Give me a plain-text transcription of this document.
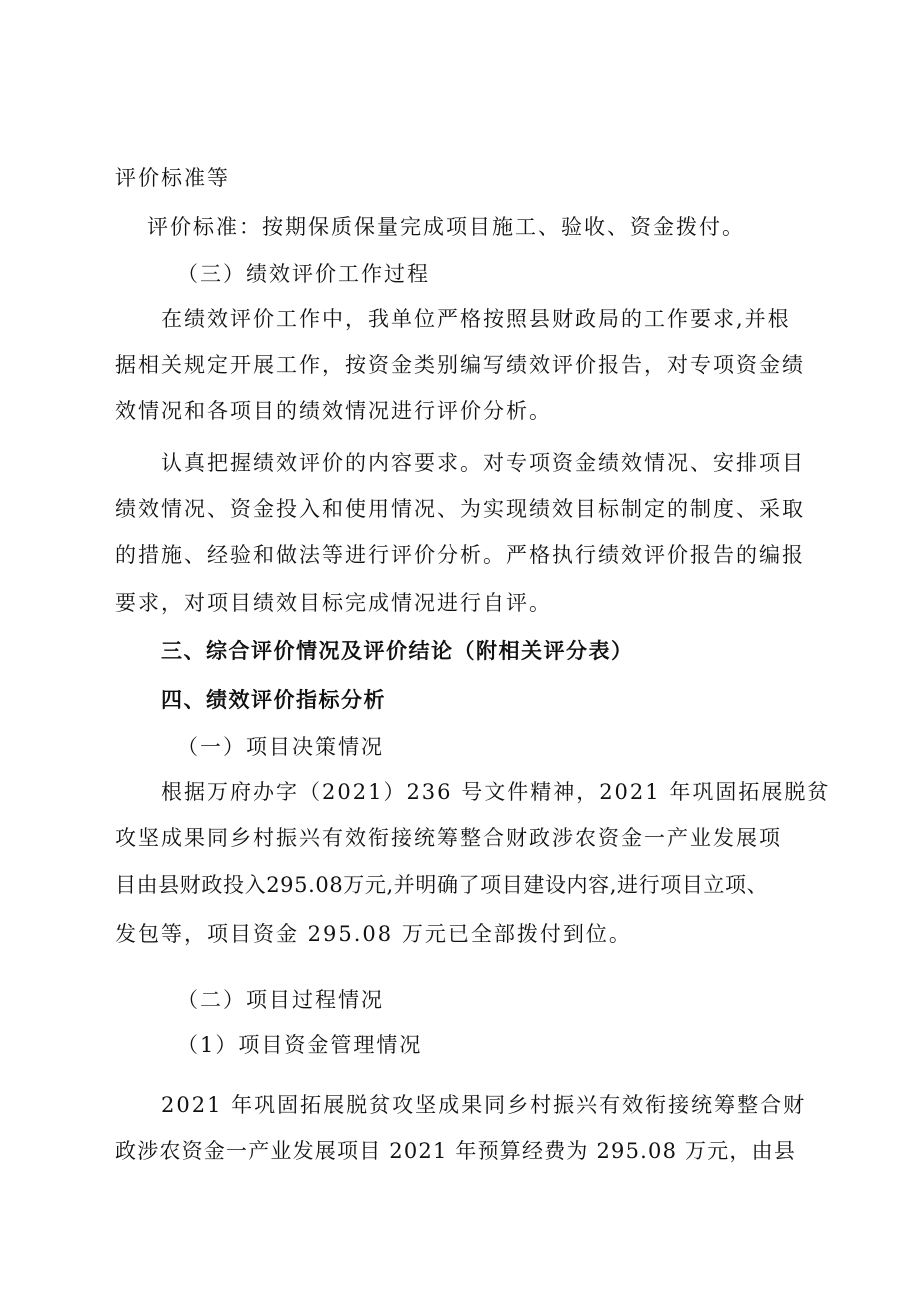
评价标准等
评价标准：按期保质保量完成项目施工、验收、资金拨付。
（三）绩效评价工作过程
在绩效评价工作中，我单位严格按照县财政局的工作要求,并根
据相关规定开展工作，按资金类别编写绩效评价报告，对专项资金绩
效情况和各项目的绩效情况进行评价分析。
认真把握绩效评价的内容要求。对专项资金绩效情况、安排项目
绩效情况、资金投入和使用情况、为实现绩效目标制定的制度、采取
的措施、经验和做法等进行评价分析。严格执行绩效评价报告的编报
要求，对项目绩效目标完成情况进行自评。
三、综合评价情况及评价结论（附相关评分表）
四、绩效评价指标分析
（一）项目决策情况
根据万府办字（2021）236 号文件精神，2021 年巩固拓展脱贫
攻坚成果同乡村振兴有效衔接统筹整合财政涉农资金一产业发展项
目由县财政投入295.08万元,并明确了项目建设内容,进行项目立项、
发包等，项目资金 295.08 万元已全部拨付到位。
（二）项目过程情况
（1）项目资金管理情况
2021 年巩固拓展脱贫攻坚成果同乡村振兴有效衔接统筹整合财
政涉农资金一产业发展项目 2021 年预算经费为 295.08 万元，由县
